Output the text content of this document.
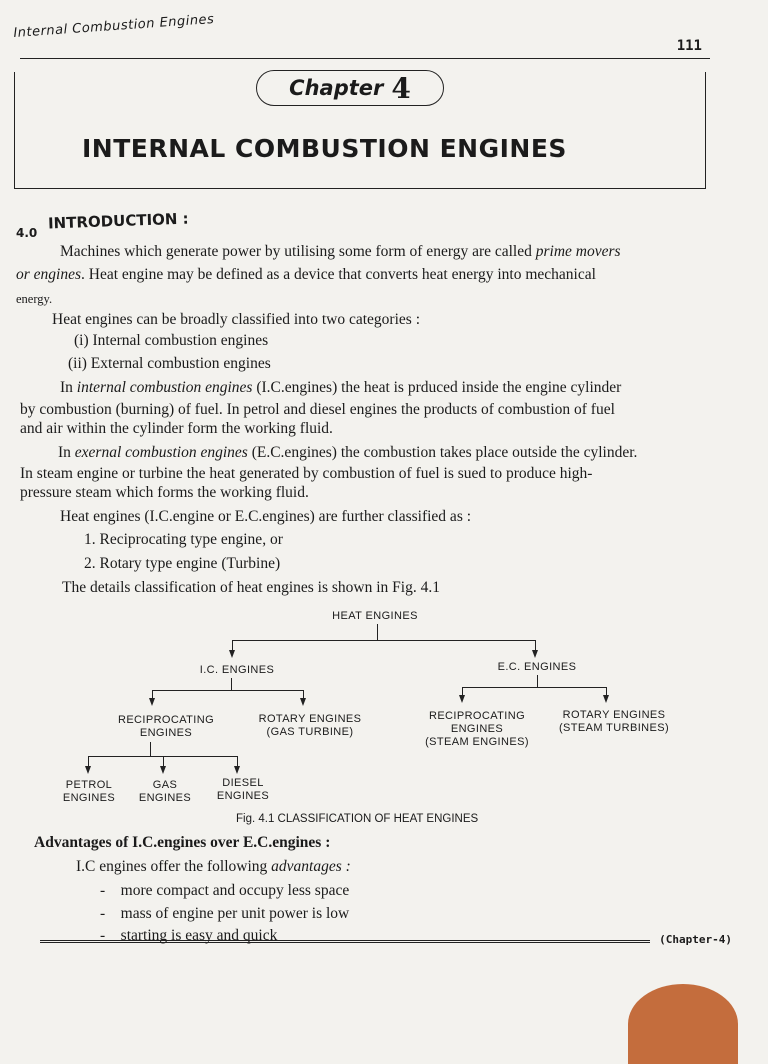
Internal Combustion Engines
111
Chapter 4
INTERNAL COMBUSTION ENGINES
4.0
INTRODUCTION :
Machines which generate power by utilising some form of energy are called prime movers
or engines. Heat engine may be defined as a device that converts heat energy into mechanical
energy.
Heat engines can be broadly classified into two categories :
(i) Internal combustion engines
(ii) External combustion engines
In internal combustion engines (I.C.engines) the heat is prduced inside the engine cylinder
by combustion (burning) of fuel. In petrol and diesel engines the products of combustion of fuel
and air within the cylinder form the working fluid.
In exernal combustion engines (E.C.engines) the combustion takes place outside the cylinder.
In steam engine or turbine the heat generated by combustion of fuel is sued to produce high-
pressure steam which forms the working fluid.
Heat engines (I.C.engine or E.C.engines) are further classified as :
1. Reciprocating type engine, or
2. Rotary type engine (Turbine)
The details classification of heat engines is shown in Fig. 4.1
HEAT ENGINES
I.C. ENGINES	E.C. ENGINES
RECIPROCATING
ENGINES
ROTARY ENGINES
(GAS TURBINE)
RECIPROCATING
ENGINES
(STEAM ENGINES)
ROTARY ENGINES
(STEAM TURBINES)
PETROL
ENGINES
GAS
ENGINES
DIESEL
ENGINES
Fig. 4.1 CLASSIFICATION OF HEAT ENGINES
Advantages of I.C.engines over E.C.engines :
I.C engines offer the following advantages :
- more compact and occupy less space
- mass of engine per unit power is low
- starting is easy and quick	(Chapter-4)
